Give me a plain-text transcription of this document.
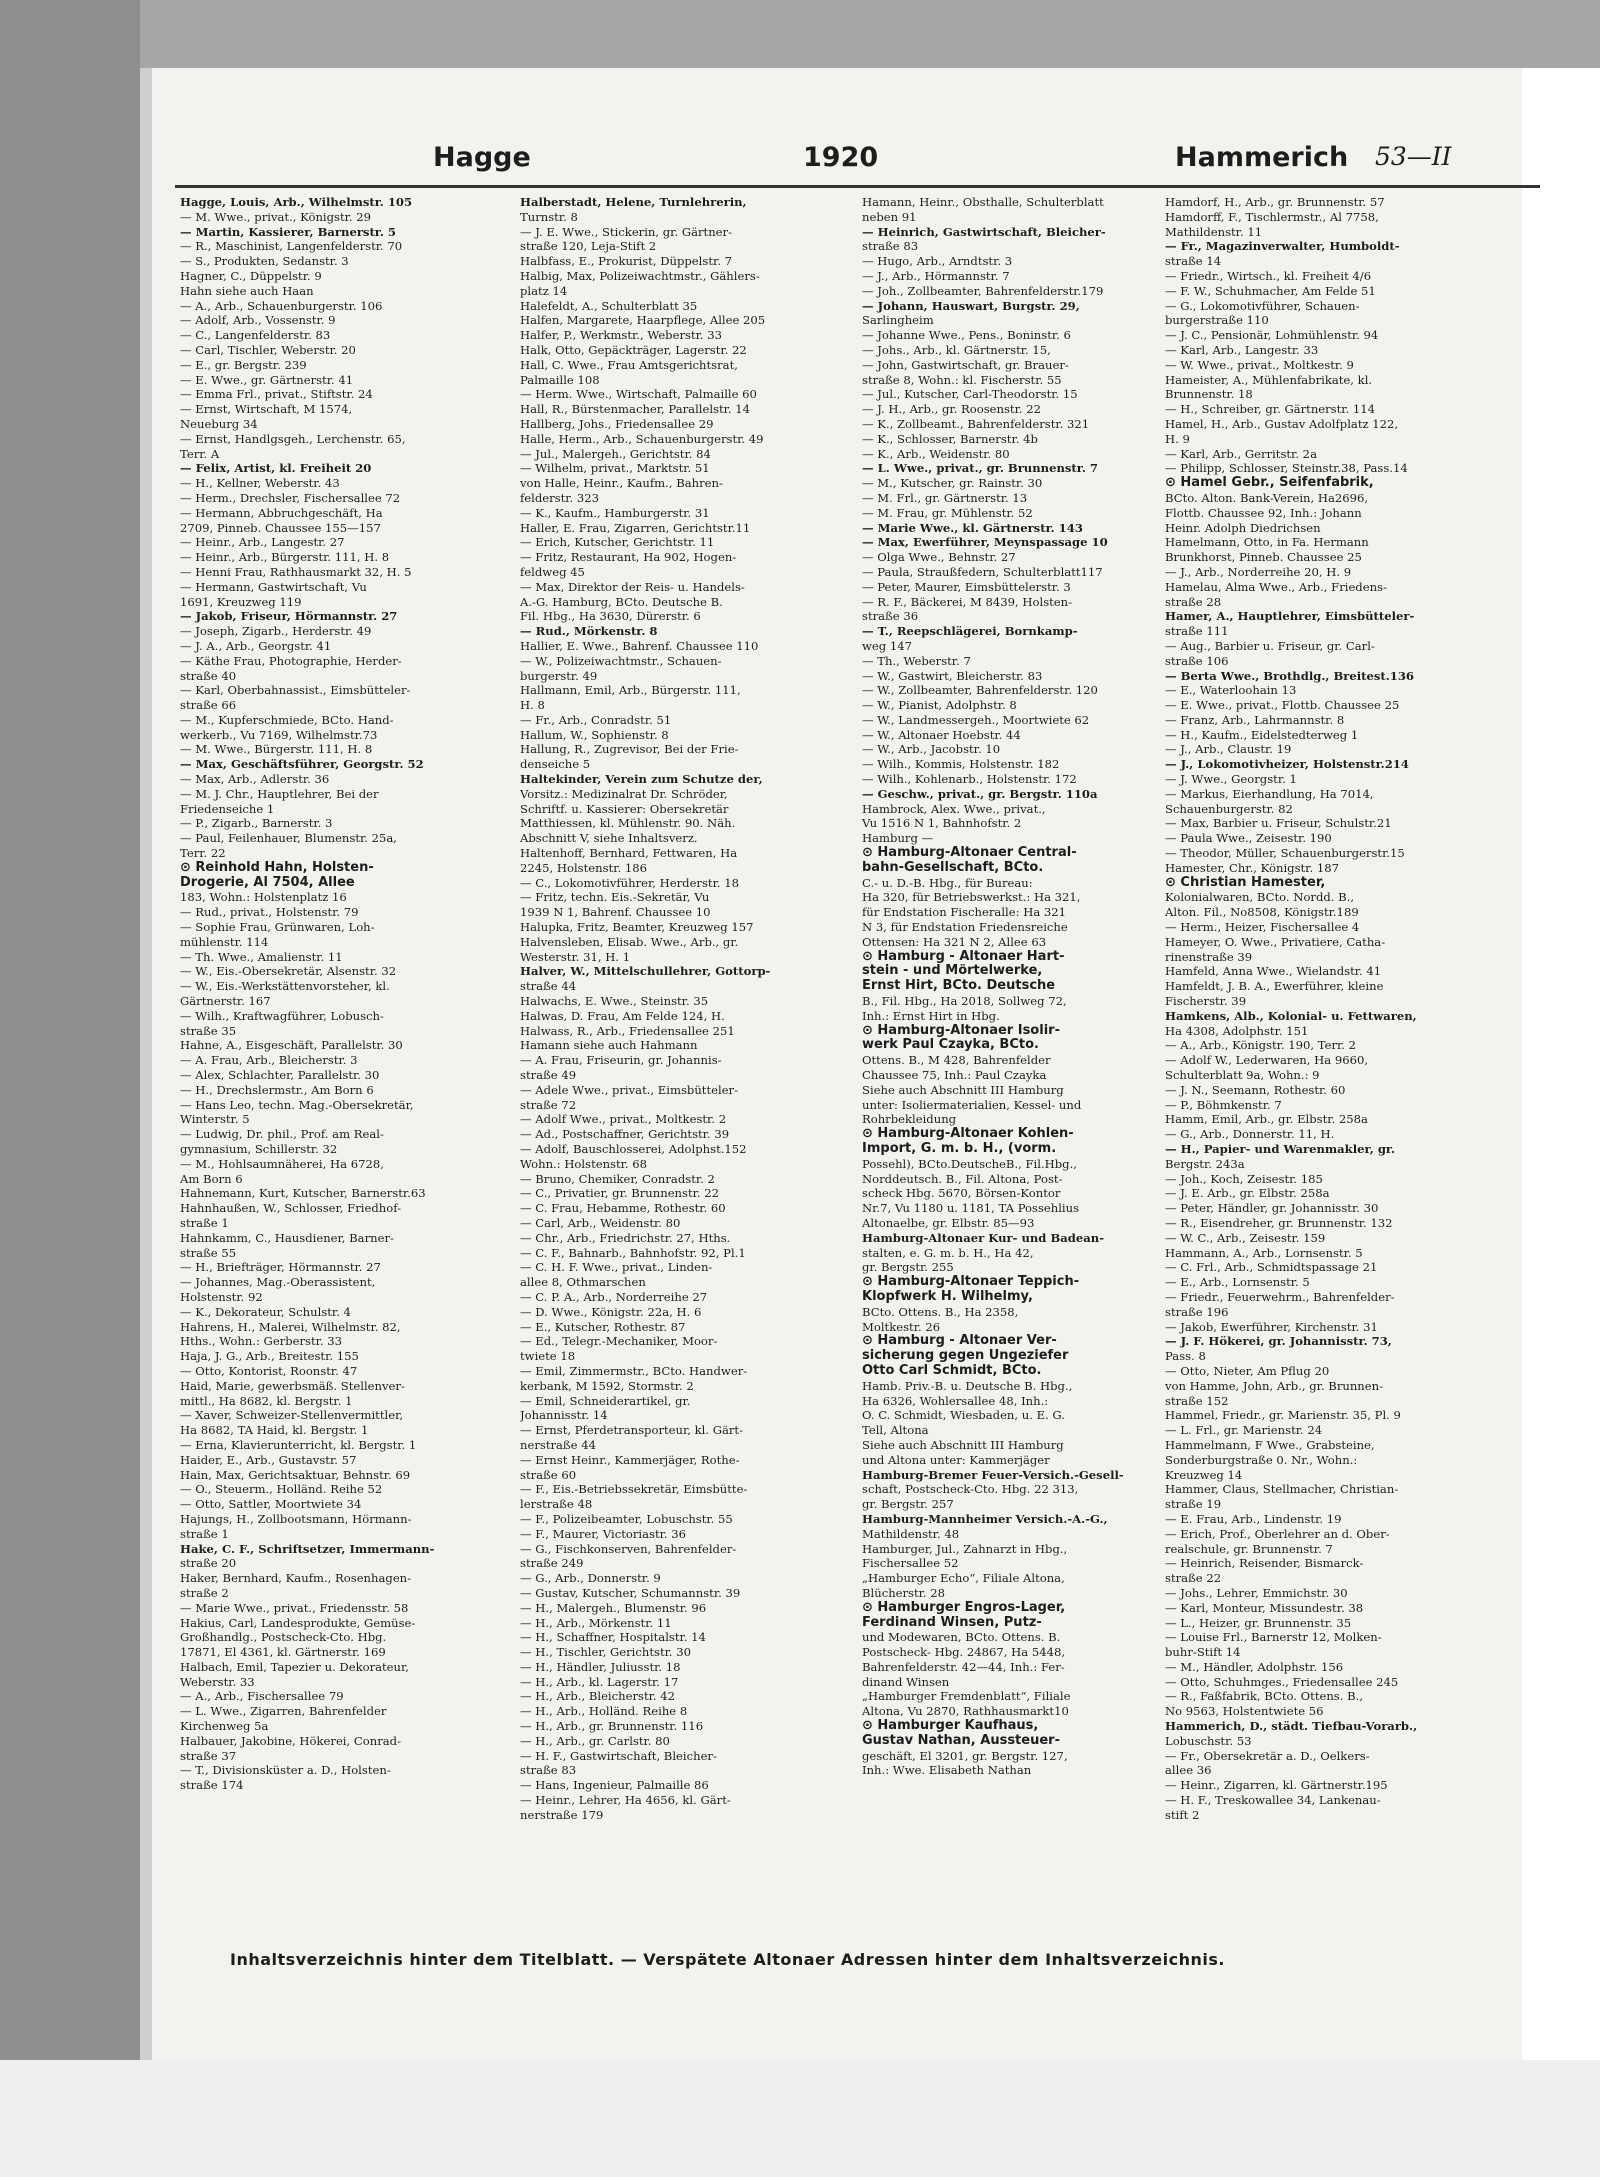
Hagge	1920	Hammerich 53—II
Hagge, Louis, Arb., Wilhelmstr. 105
— M. Wwe., privat., Königstr. 29
— Martin, Kassierer, Barnerstr. 5
— R., Maschinist, Langenfelderstr. 70
— S., Produkten, Sedanstr. 3
Hagner, C., Düppelstr. 9
Hahn siehe auch Haan
— A., Arb., Schauenburgerstr. 106
— Adolf, Arb., Vossenstr. 9
— C., Langenfelderstr. 83
— Carl, Tischler, Weberstr. 20
— E., gr. Bergstr. 239
— E. Wwe., gr. Gärtnerstr. 41
— Emma Frl., privat., Stiftstr. 24
— Ernst, Wirtschaft, M 1574,
Neueburg 34
— Ernst, Handlgsgeh., Lerchenstr. 65,
Terr. A
— Felix, Artist, kl. Freiheit 20
— H., Kellner, Weberstr. 43
— Herm., Drechsler, Fischersallee 72
— Hermann, Abbruchgeschäft, Ha
2709, Pinneb. Chaussee 155—157
— Heinr., Arb., Langestr. 27
— Heinr., Arb., Bürgerstr. 111, H. 8
— Henni Frau, Rathhausmarkt 32, H. 5
— Hermann, Gastwirtschaft, Vu
1691, Kreuzweg 119
— Jakob, Friseur, Hörmannstr. 27
— Joseph, Zigarb., Herderstr. 49
— J. A., Arb., Georgstr. 41
— Käthe Frau, Photographie, Herder-
straße 40
— Karl, Oberbahnassist., Eimsbütteler-
straße 66
— M., Kupferschmiede, BCto. Hand-
werkerb., Vu 7169, Wilhelmstr.73
— M. Wwe., Bürgerstr. 111, H. 8
— Max, Geschäftsführer, Georgstr. 52
— Max, Arb., Adlerstr. 36
— M. J. Chr., Hauptlehrer, Bei der
Friedenseiche 1
— P., Zigarb., Barnerstr. 3
— Paul, Feilenhauer, Blumenstr. 25a,
Terr. 22
⊙ Reinhold Hahn, Holsten-
Drogerie, Al 7504, Allee
183, Wohn.: Holstenplatz 16
— Rud., privat., Holstenstr. 79
— Sophie Frau, Grünwaren, Loh-
mühlenstr. 114
— Th. Wwe., Amalienstr. 11
— W., Eis.-Obersekretär, Alsenstr. 32
— W., Eis.-Werkstättenvorsteher, kl.
Gärtnerstr. 167
— Wilh., Kraftwagführer, Lobusch-
straße 35
Hahne, A., Eisgeschäft, Parallelstr. 30
— A. Frau, Arb., Bleicherstr. 3
— Alex, Schlachter, Parallelstr. 30
— H., Drechslermstr., Am Born 6
— Hans Leo, techn. Mag.-Obersekretär,
Winterstr. 5
— Ludwig, Dr. phil., Prof. am Real-
gymnasium, Schillerstr. 32
— M., Hohlsaumnäherei, Ha 6728,
Am Born 6
Hahnemann, Kurt, Kutscher, Barnerstr.63
Hahnhaußen, W., Schlosser, Friedhof-
straße 1
Hahnkamm, C., Hausdiener, Barner-
straße 55
— H., Briefträger, Hörmannstr. 27
— Johannes, Mag.-Oberassistent,
Holstenstr. 92
— K., Dekorateur, Schulstr. 4
Hahrens, H., Malerei, Wilhelmstr. 82,
Hths., Wohn.: Gerberstr. 33
Haja, J. G., Arb., Breitestr. 155
— Otto, Kontorist, Roonstr. 47
Haid, Marie, gewerbsmäß. Stellenver-
mittl., Ha 8682, kl. Bergstr. 1
— Xaver, Schweizer-Stellenvermittler,
Ha 8682, TA Haid, kl. Bergstr. 1
— Erna, Klavierunterricht, kl. Bergstr. 1
Haider, E., Arb., Gustavstr. 57
Hain, Max, Gerichtsaktuar, Behnstr. 69
— O., Steuerm., Holländ. Reihe 52
— Otto, Sattler, Moortwiete 34
Hajungs, H., Zollbootsmann, Hörmann-
straße 1
Hake, C. F., Schriftsetzer, Immermann-
straße 20
Haker, Bernhard, Kaufm., Rosenhagen-
straße 2
— Marie Wwe., privat., Friedensstr. 58
Hakius, Carl, Landesprodukte, Gemüse-
Großhandlg., Postscheck-Cto. Hbg.
17871, El 4361, kl. Gärtnerstr. 169
Halbach, Emil, Tapezier u. Dekorateur,
Weberstr. 33
— A., Arb., Fischersallee 79
— L. Wwe., Zigarren, Bahrenfelder
Kirchenweg 5a
Halbauer, Jakobine, Hökerei, Conrad-
straße 37
— T., Divisionsküster a. D., Holsten-
straße 174
Halberstadt, Helene, Turnlehrerin,
Turnstr. 8
— J. E. Wwe., Stickerin, gr. Gärtner-
straße 120, Leja-Stift 2
Halbfass, E., Prokurist, Düppelstr. 7
Halbig, Max, Polizeiwachtmstr., Gählers-
platz 14
Halefeldt, A., Schulterblatt 35
Halfen, Margarete, Haarpflege, Allee 205
Halfer, P., Werkmstr., Weberstr. 33
Halk, Otto, Gepäckträger, Lagerstr. 22
Hall, C. Wwe., Frau Amtsgerichtsrat,
Palmaille 108
— Herm. Wwe., Wirtschaft, Palmaille 60
Hall, R., Bürstenmacher, Parallelstr. 14
Hallberg, Johs., Friedensallee 29
Halle, Herm., Arb., Schauenburgerstr. 49
— Jul., Malergeh., Gerichtstr. 84
— Wilhelm, privat., Marktstr. 51
von Halle, Heinr., Kaufm., Bahren-
felderstr. 323
— K., Kaufm., Hamburgerstr. 31
Haller, E. Frau, Zigarren, Gerichtstr.11
— Erich, Kutscher, Gerichtstr. 11
— Fritz, Restaurant, Ha 902, Hogen-
feldweg 45
— Max, Direktor der Reis- u. Handels-
A.-G. Hamburg, BCto. Deutsche B.
Fil. Hbg., Ha 3630, Dürerstr. 6
— Rud., Mörkenstr. 8
Hallier, E. Wwe., Bahrenf. Chaussee 110
— W., Polizeiwachtmstr., Schauen-
burgerstr. 49
Hallmann, Emil, Arb., Bürgerstr. 111,
H. 8
— Fr., Arb., Conradstr. 51
Hallum, W., Sophienstr. 8
Hallung, R., Zugrevisor, Bei der Frie-
denseiche 5
Haltekinder, Verein zum Schutze der,
Vorsitz.: Medizinalrat Dr. Schröder,
Schriftf. u. Kassierer: Obersekretär
Matthiessen, kl. Mühlenstr. 90. Näh.
Abschnitt V, siehe Inhaltsverz.
Haltenhoff, Bernhard, Fettwaren, Ha
2245, Holstenstr. 186
— C., Lokomotivführer, Herderstr. 18
— Fritz, techn. Eis.-Sekretär, Vu
1939 N 1, Bahrenf. Chaussee 10
Halupka, Fritz, Beamter, Kreuzweg 157
Halvensleben, Elisab. Wwe., Arb., gr.
Westerstr. 31, H. 1
Halver, W., Mittelschullehrer, Gottorp-
straße 44
Halwachs, E. Wwe., Steinstr. 35
Halwas, D. Frau, Am Felde 124, H.
Halwass, R., Arb., Friedensallee 251
Hamann siehe auch Hahmann
— A. Frau, Friseurin, gr. Johannis-
straße 49
— Adele Wwe., privat., Eimsbütteler-
straße 72
— Adolf Wwe., privat., Moltkestr. 2
— Ad., Postschaffner, Gerichtstr. 39
— Adolf, Bauschlosserei, Adolphst.152
Wohn.: Holstenstr. 68
— Bruno, Chemiker, Conradstr. 2
— C., Privatier, gr. Brunnenstr. 22
— C. Frau, Hebamme, Rothestr. 60
— Carl, Arb., Weidenstr. 80
— Chr., Arb., Friedrichstr. 27, Hths.
— C. F., Bahnarb., Bahnhofstr. 92, Pl.1
— C. H. F. Wwe., privat., Linden-
allee 8, Othmarschen
— C. P. A., Arb., Norderreihe 27
— D. Wwe., Königstr. 22a, H. 6
— E., Kutscher, Rothestr. 87
— Ed., Telegr.-Mechaniker, Moor-
twiete 18
— Emil, Zimmermstr., BCto. Handwer-
kerbank, M 1592, Stormstr. 2
— Emil, Schneiderartikel, gr.
Johannisstr. 14
— Ernst, Pferdetransporteur, kl. Gärt-
nerstraße 44
— Ernst Heinr., Kammerjäger, Rothe-
straße 60
— F., Eis.-Betriebssekretär, Eimsbütte-
lerstraße 48
— F., Polizeibeamter, Lobuschstr. 55
— F., Maurer, Victoriastr. 36
— G., Fischkonserven, Bahrenfelder-
straße 249
— G., Arb., Donnerstr. 9
— Gustav, Kutscher, Schumannstr. 39
— H., Malergeh., Blumenstr. 96
— H., Arb., Mörkenstr. 11
— H., Schaffner, Hospitalstr. 14
— H., Tischler, Gerichtstr. 30
— H., Händler, Juliusstr. 18
— H., Arb., kl. Lagerstr. 17
— H., Arb., Bleicherstr. 42
— H., Arb., Holländ. Reihe 8
— H., Arb., gr. Brunnenstr. 116
— H., Arb., gr. Carlstr. 80
— H. F., Gastwirtschaft, Bleicher-
straße 83
— Hans, Ingenieur, Palmaille 86
— Heinr., Lehrer, Ha 4656, kl. Gärt-
nerstraße 179
Hamann, Heinr., Obsthalle, Schulterblatt
neben 91
— Heinrich, Gastwirtschaft, Bleicher-
straße 83
— Hugo, Arb., Arndtstr. 3
— J., Arb., Hörmannstr. 7
— Joh., Zollbeamter, Bahrenfelderstr.179
— Johann, Hauswart, Burgstr. 29,
Sarlingheim
— Johanne Wwe., Pens., Boninstr. 6
— Johs., Arb., kl. Gärtnerstr. 15,
— John, Gastwirtschaft, gr. Brauer-
straße 8, Wohn.: kl. Fischerstr. 55
— Jul., Kutscher, Carl-Theodorstr. 15
— J. H., Arb., gr. Roosenstr. 22
— K., Zollbeamt., Bahrenfelderstr. 321
— K., Schlosser, Barnerstr. 4b
— K., Arb., Weidenstr. 80
— L. Wwe., privat., gr. Brunnenstr. 7
— M., Kutscher, gr. Rainstr. 30
— M. Frl., gr. Gärtnerstr. 13
— M. Frau, gr. Mühlenstr. 52
— Marie Wwe., kl. Gärtnerstr. 143
— Max, Ewerführer, Meynspassage 10
— Olga Wwe., Behnstr. 27
— Paula, Straußfedern, Schulterblatt117
— Peter, Maurer, Eimsbüttelerstr. 3
— R. F., Bäckerei, M 8439, Holsten-
straße 36
— T., Reepschlägerei, Bornkamp-
weg 147
— Th., Weberstr. 7
— W., Gastwirt, Bleicherstr. 83
— W., Zollbeamter, Bahrenfelderstr. 120
— W., Pianist, Adolphstr. 8
— W., Landmessergeh., Moortwiete 62
— W., Altonaer Hoebstr. 44
— W., Arb., Jacobstr. 10
— Wilh., Kommis, Holstenstr. 182
— Wilh., Kohlenarb., Holstenstr. 172
— Geschw., privat., gr. Bergstr. 110a
Hambrock, Alex. Wwe., privat.,
Vu 1516 N 1, Bahnhofstr. 2
Hamburg —
⊙ Hamburg-Altonaer Central-
bahn-Gesellschaft, BCto.
C.- u. D.-B. Hbg., für Bureau:
Ha 320, für Betriebswerkst.: Ha 321,
für Endstation Fischeralle: Ha 321
N 3, für Endstation Friedensreiche
Ottensen: Ha 321 N 2, Allee 63
⊙ Hamburg - Altonaer Hart-
stein - und Mörtelwerke,
Ernst Hirt, BCto. Deutsche
B., Fil. Hbg., Ha 2018, Sollweg 72,
Inh.: Ernst Hirt in Hbg.
⊙ Hamburg-Altonaer Isolir-
werk Paul Czayka, BCto.
Ottens. B., M 428, Bahrenfelder
Chaussee 75, Inh.: Paul Czayka
Siehe auch Abschnitt III Hamburg
unter: Isoliermaterialien, Kessel- und
Rohrbekleidung
⊙ Hamburg-Altonaer Kohlen-
Import, G. m. b. H., (vorm.
Possehl), BCto.DeutscheB., Fil.Hbg.,
Norddeutsch. B., Fil. Altona, Post-
scheck Hbg. 5670, Börsen-Kontor
Nr.7, Vu 1180 u. 1181, TA Possehlius
Altonaelbe, gr. Elbstr. 85—93
Hamburg-Altonaer Kur- und Badean-
stalten, e. G. m. b. H., Ha 42,
gr. Bergstr. 255
⊙ Hamburg-Altonaer Teppich-
Klopfwerk H. Wilhelmy,
BCto. Ottens. B., Ha 2358,
Moltkestr. 26
⊙ Hamburg - Altonaer Ver-
sicherung gegen Ungeziefer
Otto Carl Schmidt, BCto.
Hamb. Priv.-B. u. Deutsche B. Hbg.,
Ha 6326, Wohlersallee 48, Inh.:
O. C. Schmidt, Wiesbaden, u. E. G.
Tell, Altona
Siehe auch Abschnitt III Hamburg
und Altona unter: Kammerjäger
Hamburg-Bremer Feuer-Versich.-Gesell-
schaft, Postscheck-Cto. Hbg. 22 313,
gr. Bergstr. 257
Hamburg-Mannheimer Versich.-A.-G.,
Mathildenstr. 48
Hamburger, Jul., Zahnarzt in Hbg.,
Fischersallee 52
„Hamburger Echo“, Filiale Altona,
Blücherstr. 28
⊙ Hamburger Engros-Lager,
Ferdinand Winsen, Putz-
und Modewaren, BCto. Ottens. B.
Postscheck- Hbg. 24867, Ha 5448,
Bahrenfelderstr. 42—44, Inh.: Fer-
dinand Winsen
„Hamburger Fremdenblatt“, Filiale
Altona, Vu 2870, Rathhausmarkt10
⊙ Hamburger Kaufhaus,
Gustav Nathan, Aussteuer-
geschäft, El 3201, gr. Bergstr. 127,
Inh.: Wwe. Elisabeth Nathan
Hamdorf, H., Arb., gr. Brunnenstr. 57
Hamdorff, F., Tischlermstr., Al 7758,
Mathildenstr. 11
— Fr., Magazinverwalter, Humboldt-
straße 14
— Friedr., Wirtsch., kl. Freiheit 4/6
— F. W., Schuhmacher, Am Felde 51
— G., Lokomotivführer, Schauen-
burgerstraße 110
— J. C., Pensionär, Lohmühlenstr. 94
— Karl, Arb., Langestr. 33
— W. Wwe., privat., Moltkestr. 9
Hameister, A., Mühlenfabrikate, kl.
Brunnenstr. 18
— H., Schreiber, gr. Gärtnerstr. 114
Hamel, H., Arb., Gustav Adolfplatz 122,
H. 9
— Karl, Arb., Gerritstr. 2a
— Philipp, Schlosser, Steinstr.38, Pass.14
⊙ Hamel Gebr., Seifenfabrik,
BCto. Alton. Bank-Verein, Ha2696,
Flottb. Chaussee 92, Inh.: Johann
Heinr. Adolph Diedrichsen
Hamelmann, Otto, in Fa. Hermann
Brunkhorst, Pinneb. Chaussee 25
— J., Arb., Norderreihe 20, H. 9
Hamelau, Alma Wwe., Arb., Friedens-
straße 28
Hamer, A., Hauptlehrer, Eimsbütteler-
straße 111
— Aug., Barbier u. Friseur, gr. Carl-
straße 106
— Berta Wwe., Brothdlg., Breitest.136
— E., Waterloohain 13
— E. Wwe., privat., Flottb. Chaussee 25
— Franz, Arb., Lahrmannstr. 8
— H., Kaufm., Eidelstedterweg 1
— J., Arb., Claustr. 19
— J., Lokomotivheizer, Holstenstr.214
— J. Wwe., Georgstr. 1
— Markus, Eierhandlung, Ha 7014,
Schauenburgerstr. 82
— Max, Barbier u. Friseur, Schulstr.21
— Paula Wwe., Zeisestr. 190
— Theodor, Müller, Schauenburgerstr.15
Hamester, Chr., Königstr. 187
⊙ Christian Hamester,
Kolonialwaren, BCto. Nordd. B.,
Alton. Fil., No8508, Königstr.189
— Herm., Heizer, Fischersallee 4
Hameyer, O. Wwe., Privatiere, Catha-
rinenstraße 39
Hamfeld, Anna Wwe., Wielandstr. 41
Hamfeldt, J. B. A., Ewerführer, kleine
Fischerstr. 39
Hamkens, Alb., Kolonial- u. Fettwaren,
Ha 4308, Adolphstr. 151
— A., Arb., Königstr. 190, Terr. 2
— Adolf W., Lederwaren, Ha 9660,
Schulterblatt 9a, Wohn.: 9
— J. N., Seemann, Rothestr. 60
— P., Böhmkenstr. 7
Hamm, Emil, Arb., gr. Elbstr. 258a
— G., Arb., Donnerstr. 11, H.
— H., Papier- und Warenmakler, gr.
Bergstr. 243a
— Joh., Koch, Zeisestr. 185
— J. E. Arb., gr. Elbstr. 258a
— Peter, Händler, gr. Johannisstr. 30
— R., Eisendreher, gr. Brunnenstr. 132
— W. C., Arb., Zeisestr. 159
Hammann, A., Arb., Lornsenstr. 5
— C. Frl., Arb., Schmidtspassage 21
— E., Arb., Lornsenstr. 5
— Friedr., Feuerwehrm., Bahrenfelder-
straße 196
— Jakob, Ewerführer, Kirchenstr. 31
— J. F. Hökerei, gr. Johannisstr. 73,
Pass. 8
— Otto, Nieter, Am Pflug 20
von Hamme, John, Arb., gr. Brunnen-
straße 152
Hammel, Friedr., gr. Marienstr. 35, Pl. 9
— L. Frl., gr. Marienstr. 24
Hammelmann, F Wwe., Grabsteine,
Sonderburgstraße 0. Nr., Wohn.:
Kreuzweg 14
Hammer, Claus, Stellmacher, Christian-
straße 19
— E. Frau, Arb., Lindenstr. 19
— Erich, Prof., Oberlehrer an d. Ober-
realschule, gr. Brunnenstr. 7
— Heinrich, Reisender, Bismarck-
straße 22
— Johs., Lehrer, Emmichstr. 30
— Karl, Monteur, Missundestr. 38
— L., Heizer, gr. Brunnenstr. 35
— Louise Frl., Barnerstr 12, Molken-
buhr-Stift 14
— M., Händler, Adolphstr. 156
— Otto, Schuhmges., Friedensallee 245
— R., Faßfabrik, BCto. Ottens. B.,
No 9563, Holstentwiete 56
Hammerich, D., städt. Tiefbau-Vorarb.,
Lobuschstr. 53
— Fr., Obersekretär a. D., Oelkers-
allee 36
— Heinr., Zigarren, kl. Gärtnerstr.195
— H. F., Treskowallee 34, Lankenau-
stift 2
Inhaltsverzeichnis hinter dem Titelblatt. — Verspätete Altonaer Adressen hinter dem Inhaltsverzeichnis.
